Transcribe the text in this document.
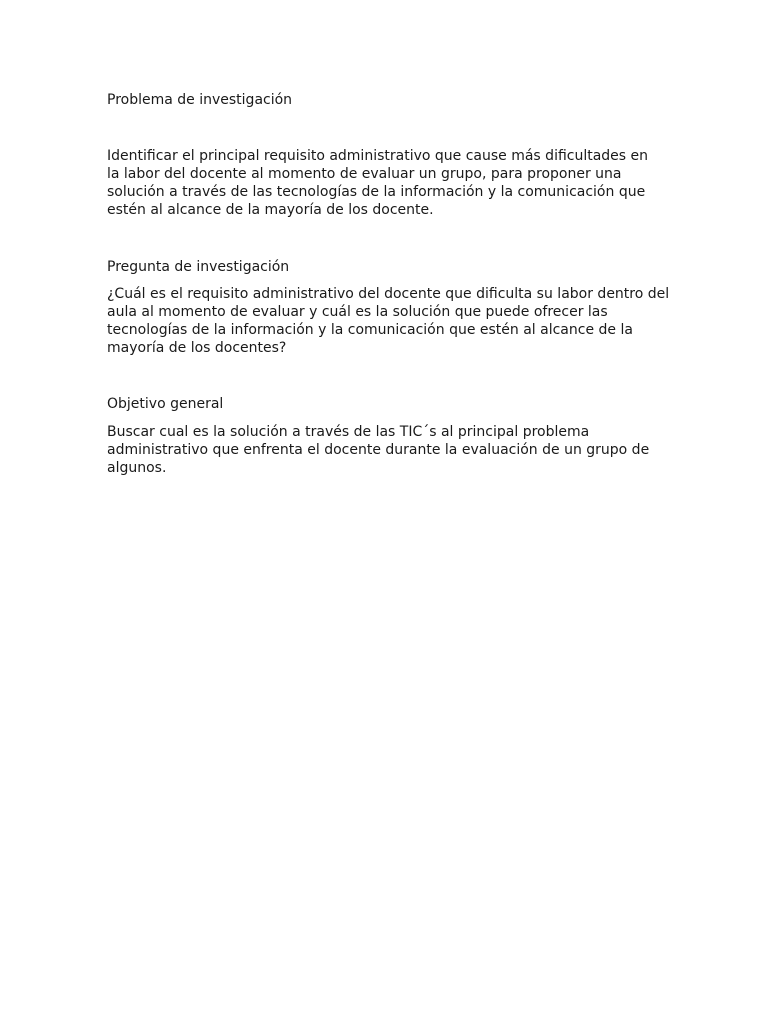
Problema de investigación

Identificar el principal requisito administrativo que cause más dificultades en
la labor del docente al momento de evaluar un grupo, para proponer una
solución a través de las tecnologías de la información y la comunicación que
estén al alcance de la mayoría de los docente.

Pregunta de investigación

¿Cuál es el requisito administrativo del docente que dificulta su labor dentro del
aula al momento de evaluar y cuál es la solución que puede ofrecer las
tecnologías de la información y la comunicación que estén al alcance de la
mayoría de los docentes?

Objetivo general

Buscar cual es la solución a través de las TIC´s al principal problema
administrativo que enfrenta el docente durante la evaluación de un grupo de
algunos.
